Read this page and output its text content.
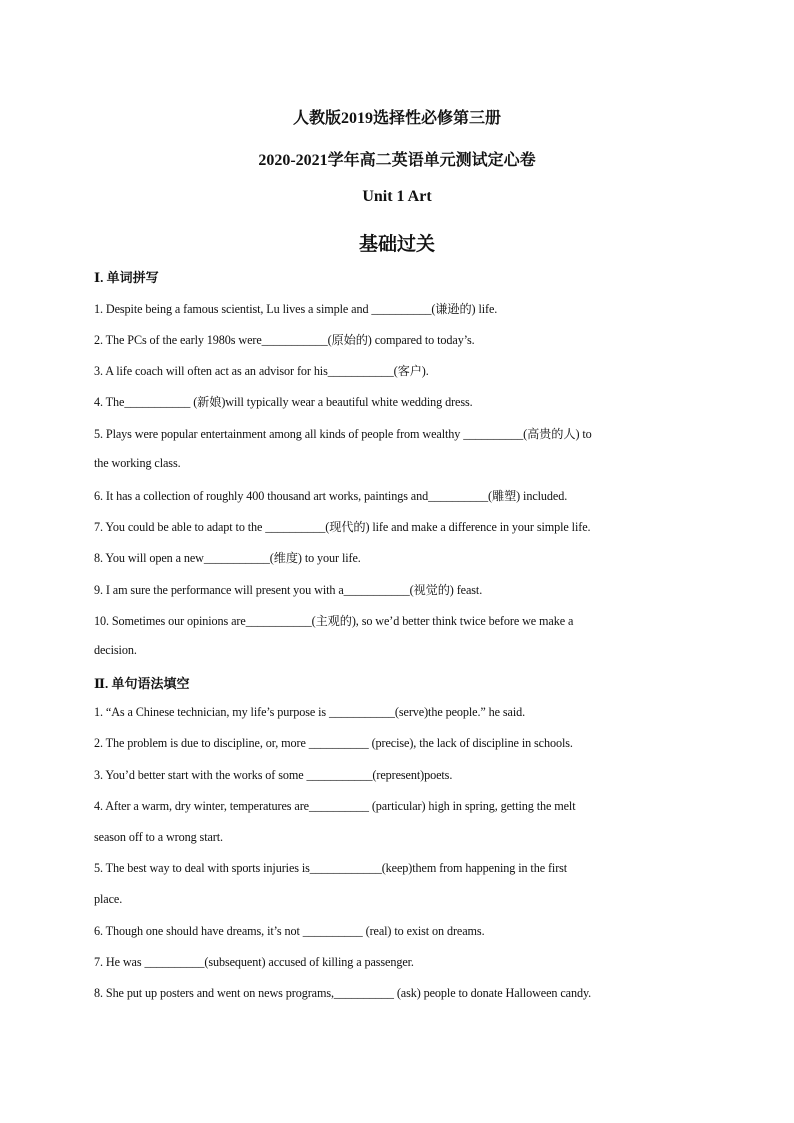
人教版2019选择性必修第三册
2020-2021学年高二英语单元测试定心卷
Unit 1 Art
基础过关
Ⅰ. 单词拼写
1. Despite being a famous scientist, Lu lives a simple and __________(谦逊的) life.
2. The PCs of the early 1980s were___________(原始的) compared to today’s.
3. A life coach will often act as an advisor for his___________(客户).
4. The___________ (新娘)will typically wear a beautiful white wedding dress.
5. Plays were popular entertainment among all kinds of people from wealthy __________(高贵的人) to
the working class.
6. It has a collection of roughly 400 thousand art works, paintings and__________(雕塑) included.
7. You could be able to adapt to the __________(现代的) life and make a difference in your simple life.
8. You will open a new___________(维度) to your life.
9. I am sure the performance will present you with a___________(视觉的) feast.
10. Sometimes our opinions are___________(主观的), so we’d better think twice before we make a
decision.
Ⅱ. 单句语法填空
1. “As a Chinese technician, my life’s purpose is ___________(serve)the people.” he said.
2. The problem is due to discipline, or, more __________ (precise), the lack of discipline in schools.
3. You’d better start with the works of some ___________(represent)poets.
4. After a warm, dry winter, temperatures are__________ (particular) high in spring, getting the melt
season off to a wrong start.
5. The best way to deal with sports injuries is____________(keep)them from happening in the first
place.
6. Though one should have dreams, it’s not __________ (real) to exist on dreams.
7. He was __________(subsequent) accused of killing a passenger.
8. She put up posters and went on news programs,__________ (ask) people to donate Halloween candy.
